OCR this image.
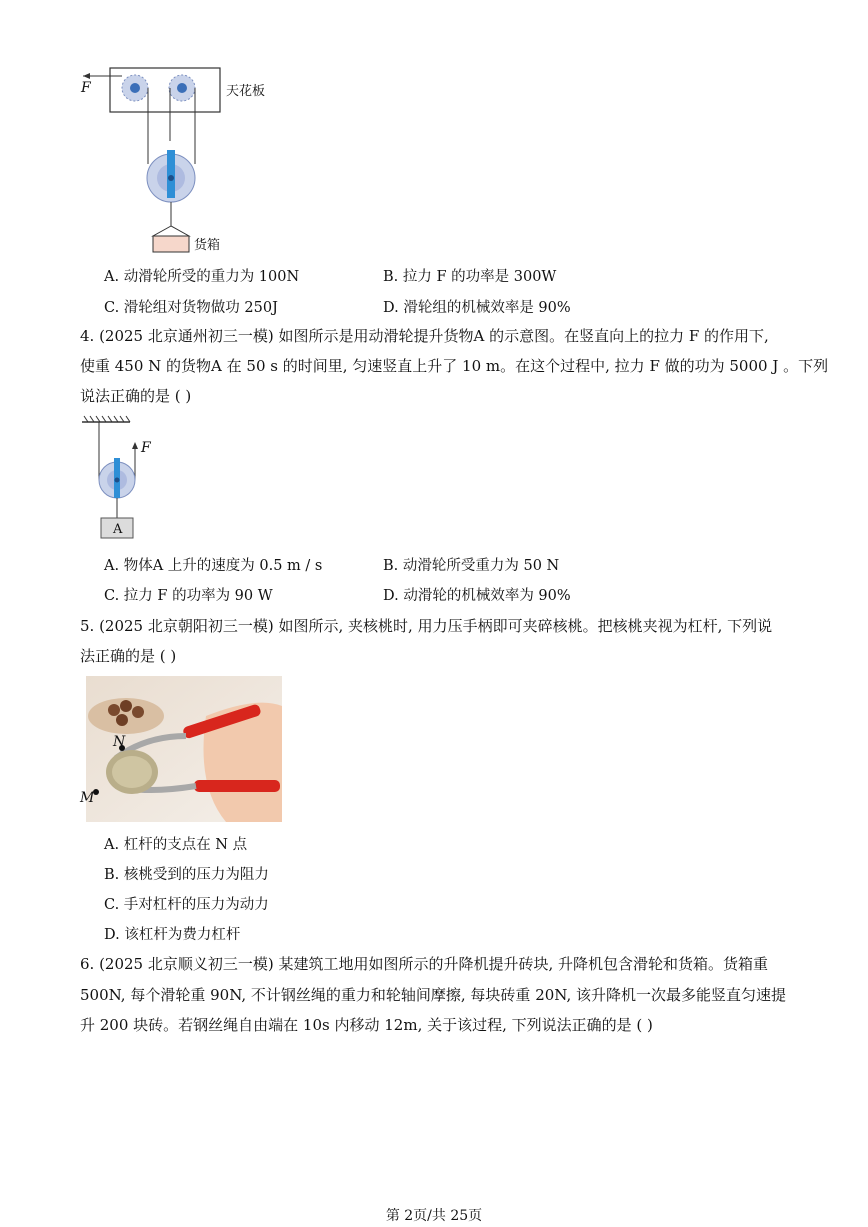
F	天花板
货箱
A. 动滑轮所受的重力为 100N	B. 拉力 F 的功率是 300W
C. 滑轮组对货物做功 250J	D. 滑轮组的机械效率是 90%
4. (2025 北京通州初三一模) 如图所示是用动滑轮提升货物A 的示意图。在竖直向上的拉力 F 的作用下,
使重 450 N 的货物A 在 50 s 的时间里, 匀速竖直上升了 10 m。在这个过程中, 拉力 F 做的功为 5000 J 。下列
说法正确的是 ( )
F
A
A. 物体A 上升的速度为 0.5 m / s	B. 动滑轮所受重力为 50 N
C. 拉力 F 的功率为 90 W	D. 动滑轮的机械效率为 90%
5. (2025 北京朝阳初三一模) 如图所示, 夹核桃时, 用力压手柄即可夹碎核桃。把核桃夹视为杠杆, 下列说
法正确的是 ( )
N
M
A. 杠杆的支点在 N 点
B. 核桃受到的压力为阻力
C. 手对杠杆的压力为动力
D. 该杠杆为费力杠杆
6. (2025 北京顺义初三一模) 某建筑工地用如图所示的升降机提升砖块, 升降机包含滑轮和货箱。货箱重
500N, 每个滑轮重 90N, 不计钢丝绳的重力和轮轴间摩擦, 每块砖重 20N, 该升降机一次最多能竖直匀速提
升 200 块砖。若钢丝绳自由端在 10s 内移动 12m, 关于该过程, 下列说法正确的是 ( )
第 2页/共 25页
